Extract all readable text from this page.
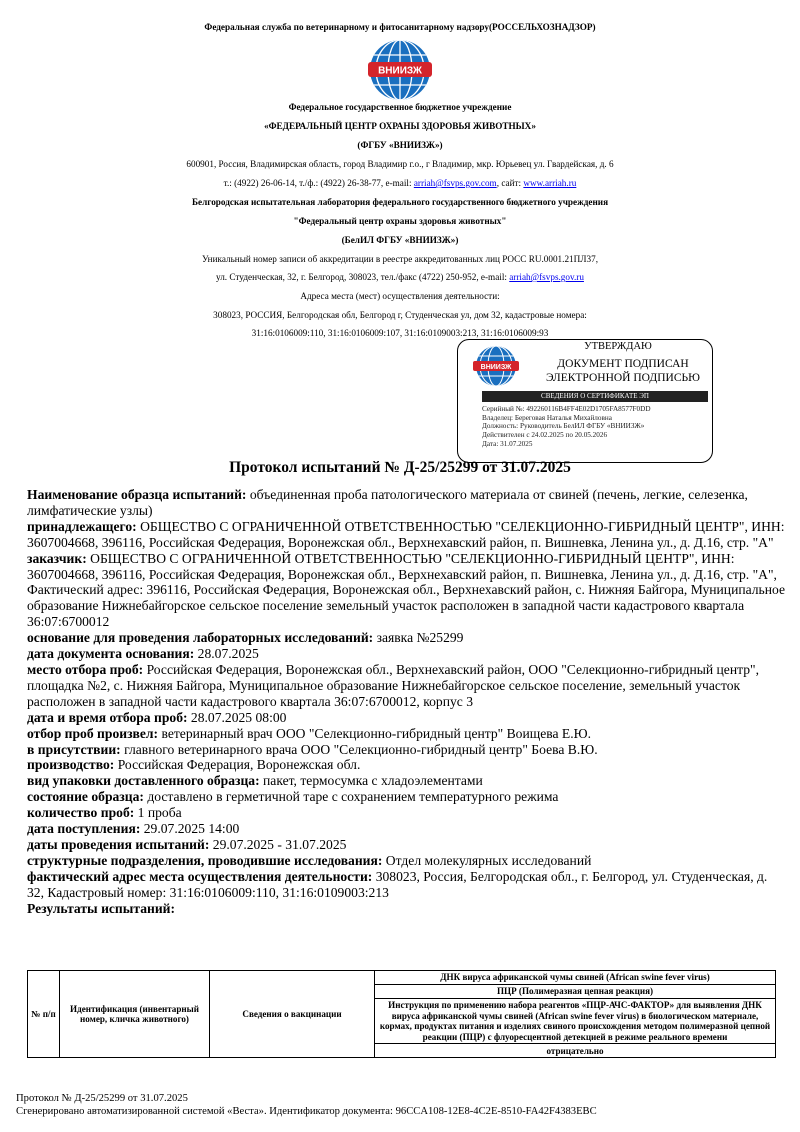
Федеральная служба по ветеринарному и фитосанитарному надзору(РОССЕЛЬХОЗНАДЗОР)
ВНИИЗЖ
Федеральное государственное бюджетное учреждение
«ФЕДЕРАЛЬНЫЙ ЦЕНТР ОХРАНЫ ЗДОРОВЬЯ ЖИВОТНЫХ»
(ФГБУ «ВНИИЗЖ»)
600901, Россия, Владимирская область, город Владимир г.о., г Владимир, мкр. Юрьевец ул. Гвардейская, д. 6
т.: (4922) 26-06-14, т./ф.: (4922) 26-38-77, e-mail: arriah@fsvps.gov.com, сайт: www.arriah.ru
Белгородская испытательная лаборатория федерального государственного бюджетного учреждения
"Федеральный центр охраны здоровья животных"
(БелИЛ ФГБУ «ВНИИЗЖ»)
Уникальный номер записи об аккредитации в реестре аккредитованных лиц РОСС RU.0001.21ПЛ37,
ул. Студенческая, 32, г. Белгород, 308023, тел./факс (4722) 250-952, e-mail: arriah@fsvps.gov.ru
Адреса места (мест) осуществления деятельности:
308023, РОССИЯ, Белгородская обл, Белгород г, Студенческая ул, дом 32, кадастровые номера:
31:16:0106009:110, 31:16:0106009:107, 31:16:0109003:213, 31:16:0106009:93
ВНИИЗЖ
УТВЕРЖДАЮ
ДОКУМЕНТ ПОДПИСАН
ЭЛЕКТРОННОЙ ПОДПИСЬЮ
СВЕДЕНИЯ О СЕРТИФИКАТЕ ЭП
Серийный №: 492260116B4FF4E02D1705FA8577F0DD
Владелец: Береговая Наталья Михайловна
Должность: Руководитель БелИЛ ФГБУ «ВНИИЗЖ»
Действителен с 24.02.2025 по 20.05.2026
Дата: 31.07.2025
Протокол испытаний № Д-25/25299 от 31.07.2025

Наименование образца испытаний: объединенная проба патологического материала от свиней (печень, легкие, селезенка, лимфатические узлы)

принадлежащего: ОБЩЕСТВО С ОГРАНИЧЕННОЙ ОТВЕТСТВЕННОСТЬЮ "СЕЛЕКЦИОННО-ГИБРИДНЫЙ ЦЕНТР", ИНН: 3607004668, 396116, Российская Федерация, Воронежская обл., Верхнехавский район, п. Вишневка, Ленина ул., д. Д.16, стр. "А"

заказчик: ОБЩЕСТВО С ОГРАНИЧЕННОЙ ОТВЕТСТВЕННОСТЬЮ "СЕЛЕКЦИОННО-ГИБРИДНЫЙ ЦЕНТР", ИНН: 3607004668, 396116, Российская Федерация, Воронежская обл., Верхнехавский район, п. Вишневка, Ленина ул., д. Д.16, стр. "А", Фактический адрес: 396116, Российская Федерация, Воронежская обл., Верхнехавский район, с. Нижняя Байгора, Муниципальное образование Нижнебайгорское сельское поселение земельный участок расположен в западной части кадастрового квартала 36:07:6700012

основание для проведения лабораторных исследований: заявка №25299

дата документа основания: 28.07.2025

место отбора проб: Российская Федерация, Воронежская обл., Верхнехавский район, ООО "Селекционно-гибридный центр", площадка №2, с. Нижняя Байгора, Муниципальное образование Нижнебайгорское сельское поселение, земельный участок расположен в западной части кадастрового квартала 36:07:6700012, корпус 3

дата и время отбора проб: 28.07.2025 08:00

отбор проб произвел: ветеринарный врач ООО "Селекционно-гибридный центр" Воищева Е.Ю.

в присутствии: главного ветеринарного врача ООО "Селекционно-гибридный центр" Боева В.Ю.

производство: Российская Федерация, Воронежская обл.

вид упаковки доставленного образца: пакет, термосумка с хладоэлементами

состояние образца: доставлено в герметичной таре с сохранением температурного режима

количество проб: 1 проба

дата поступления: 29.07.2025 14:00

даты проведения испытаний: 29.07.2025 - 31.07.2025

структурные подразделения, проводившие исследования: Отдел молекулярных исследований

фактический адрес места осуществления деятельности: 308023, Россия, Белгородская обл., г. Белгород, ул. Студенческая, д. 32, Кадастровый номер: 31:16:0106009:110, 31:16:0109003:213

Результаты испытаний:

№ п/п	Идентификация (инвентарный номер, кличка животного)	Сведения о вакцинации	ДНК вируса африканской чумы свиней (African swine fever virus)
ПЦР (Полимеразная цепная реакция)
Инструкция по применению набора реагентов «ПЦР-АЧС-ФАКТОР» для выявления ДНК вируса африканской чумы свиней (African swine fever virus) в биологическом материале, кормах, продуктах питания и изделиях свиного происхождения методом полимеразной цепной реакции (ПЦР) с флуоресцентной детекцией в режиме реального времени
отрицательно
Протокол № Д-25/25299 от 31.07.2025
Сгенерировано автоматизированной системой «Веста». Идентификатор документа: 96CCA108-12E8-4C2E-8510-FA42F4383EBC
